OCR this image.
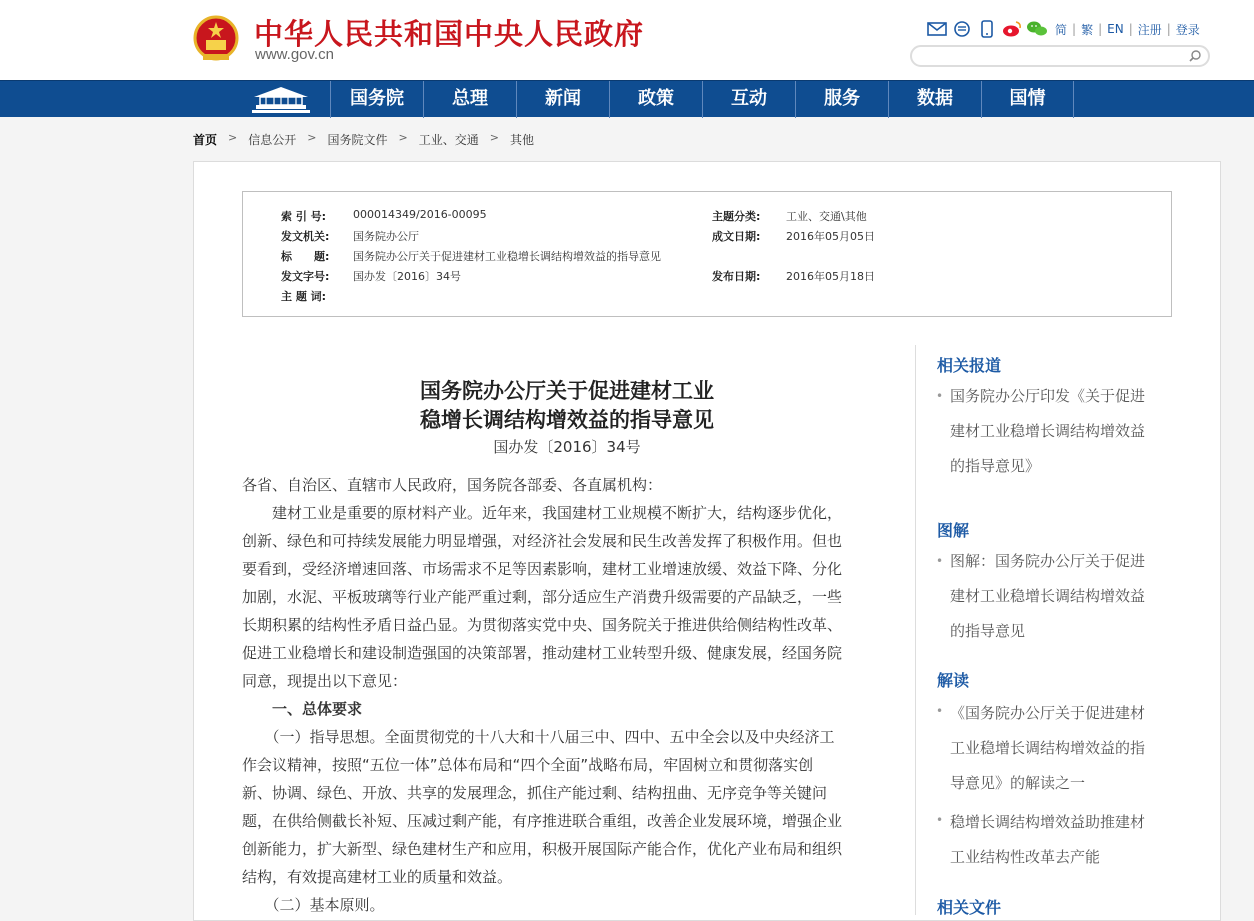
中华人民共和国中央人民政府
www.gov.cn
简 | 繁 | EN | 注册 | 登录
国务院	总理	新闻	政策	互动	服务	数据	国情
首页 > 信息公开 > 国务院文件 > 工业、交通 > 其他
索 引 号:	000014349/2016-00095	主题分类:	工业、交通\其他
发文机关:	国务院办公厅	成文日期:	2016年05月05日
标　　题:	国务院办公厅关于促进建材工业稳增长调结构增效益的指导意见
发文字号:	国办发〔2016〕34号	发布日期:	2016年05月18日
主 题 词:
国务院办公厅关于促进建材工业
稳增长调结构增效益的指导意见
国办发〔2016〕34号
各省、自治区、直辖市人民政府，国务院各部委、各直属机构：
　　建材工业是重要的原材料产业。近年来，我国建材工业规模不断扩大，结构逐步优化，
创新、绿色和可持续发展能力明显增强，对经济社会发展和民生改善发挥了积极作用。但也
要看到，受经济增速回落、市场需求不足等因素影响，建材工业增速放缓、效益下降、分化
加剧，水泥、平板玻璃等行业产能严重过剩，部分适应生产消费升级需要的产品缺乏，一些
长期积累的结构性矛盾日益凸显。为贯彻落实党中央、国务院关于推进供给侧结构性改革、
促进工业稳增长和建设制造强国的决策部署，推动建材工业转型升级、健康发展，经国务院
同意，现提出以下意见：
　　一、总体要求
　　（一）指导思想。全面贯彻党的十八大和十八届三中、四中、五中全会以及中央经济工
作会议精神，按照“五位一体”总体布局和“四个全面”战略布局，牢固树立和贯彻落实创
新、协调、绿色、开放、共享的发展理念，抓住产能过剩、结构扭曲、无序竞争等关键问
题，在供给侧截长补短、压减过剩产能，有序推进联合重组，改善企业发展环境，增强企业
创新能力，扩大新型、绿色建材生产和应用，积极开展国际产能合作，优化产业布局和组织
结构，有效提高建材工业的质量和效益。
　　（二）基本原则。
相关报道
• 国务院办公厅印发《关于促进
建材工业稳增长调结构增效益
的指导意见》
图解
• 图解：国务院办公厅关于促进
建材工业稳增长调结构增效益
的指导意见
解读
• 《国务院办公厅关于促进建材
工业稳增长调结构增效益的指
导意见》的解读之一
• 稳增长调结构增效益助推建材
工业结构性改革去产能
相关文件
